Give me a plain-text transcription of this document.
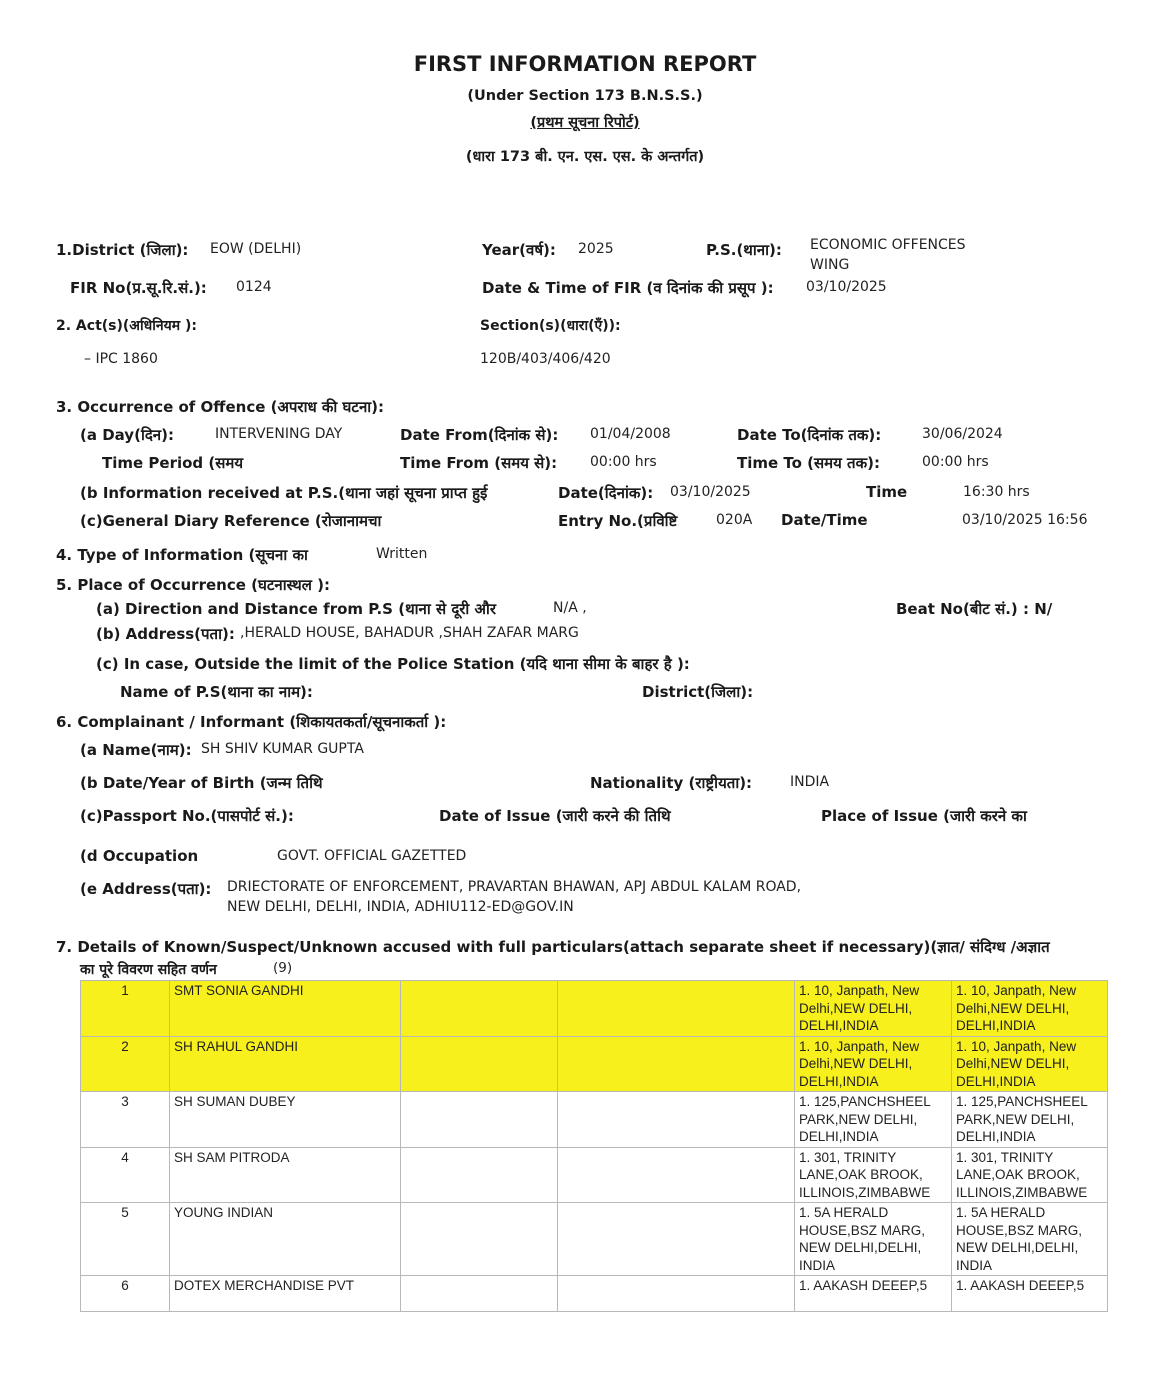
FIRST INFORMATION REPORT
(Under Section 173 B.N.S.S.)
(प्रथम सूचना रिपोर्ट)
(धारा 173 बी. एन. एस. एस. के अन्तर्गत)
1.District (जिला): EOW (DELHI)	Year(वर्ष): 2025	P.S.(थाना): ECONOMIC OFFENCES
WING
FIR No(प्र.सू.रि.सं.): 0124	Date & Time of FIR (व दिनांक की प्रसूप ): 03/10/2025
2. Act(s)(अधिनियम ):	Section(s)(धारा(एँ)):
– IPC 1860	120B/403/406/420
3. Occurrence of Offence (अपराध की घटना):
(a Day(दिन):	INTERVENING DAY	Date From(दिनांक से): 01/04/2008	Date To(दिनांक तक):	30/06/2024
Time Period (समय	Time From (समय से): 00:00 hrs	Time To (समय तक):	00:00 hrs
(b Information received at P.S.(थाना जहां सूचना प्राप्त हुई	Date(दिनांक): 03/10/2025	Time	16:30 hrs
(c)General Diary Reference (रोजानामचा	Entry No.(प्रविष्टि	020A Date/Time	03/10/2025 16:56
4. Type of Information (सूचना का	Written
5. Place of Occurrence (घटनास्थल ):
(a) Direction and Distance from P.S (थाना से दूरी और	N/A ,	Beat No(बीट सं.) : N/
(b) Address(पता): ,HERALD HOUSE, BAHADUR ,SHAH ZAFAR MARG
(c) In case, Outside the limit of the Police Station (यदि थाना सीमा के बाहर है ):
Name of P.S(थाना का नाम):	District(जिला):
6. Complainant / Informant (शिकायतकर्ता/सूचनाकर्ता ):
(a Name(नाम): SH SHIV KUMAR GUPTA
(b Date/Year of Birth (जन्म तिथि	Nationality (राष्ट्रीयता):	INDIA
(c)Passport No.(पासपोर्ट सं.):	Date of Issue (जारी करने की तिथि	Place of Issue (जारी करने का
(d Occupation	GOVT. OFFICIAL GAZETTED
(e Address(पता): DRIECTORATE OF ENFORCEMENT, PRAVARTAN BHAWAN, APJ ABDUL KALAM ROAD,
NEW DELHI, DELHI, INDIA, ADHIU112-ED@GOV.IN
7. Details of Known/Suspect/Unknown accused with full particulars(attach separate sheet if necessary)(ज्ञात/ संदिग्ध /अज्ञात
का पूरे विवरण सहित वर्णन	(9)
1	SMT SONIA GANDHI			1. 10, Janpath, New Delhi,NEW DELHI, DELHI,INDIA	1. 10, Janpath, New Delhi,NEW DELHI, DELHI,INDIA
2	SH RAHUL GANDHI			1. 10, Janpath, New Delhi,NEW DELHI, DELHI,INDIA	1. 10, Janpath, New Delhi,NEW DELHI, DELHI,INDIA
3	SH SUMAN DUBEY			1. 125,PANCHSHEEL PARK,NEW DELHI, DELHI,INDIA	1. 125,PANCHSHEEL PARK,NEW DELHI, DELHI,INDIA
4	SH SAM PITRODA			1. 301, TRINITY LANE,OAK BROOK, ILLINOIS,ZIMBABWE	1. 301, TRINITY LANE,OAK BROOK, ILLINOIS,ZIMBABWE
5	YOUNG INDIAN			1. 5A HERALD HOUSE,BSZ MARG, NEW DELHI,DELHI, INDIA	1. 5A HERALD HOUSE,BSZ MARG, NEW DELHI,DELHI, INDIA
6	DOTEX MERCHANDISE PVT			1. AAKASH DEEEP,5	1. AAKASH DEEEP,5
